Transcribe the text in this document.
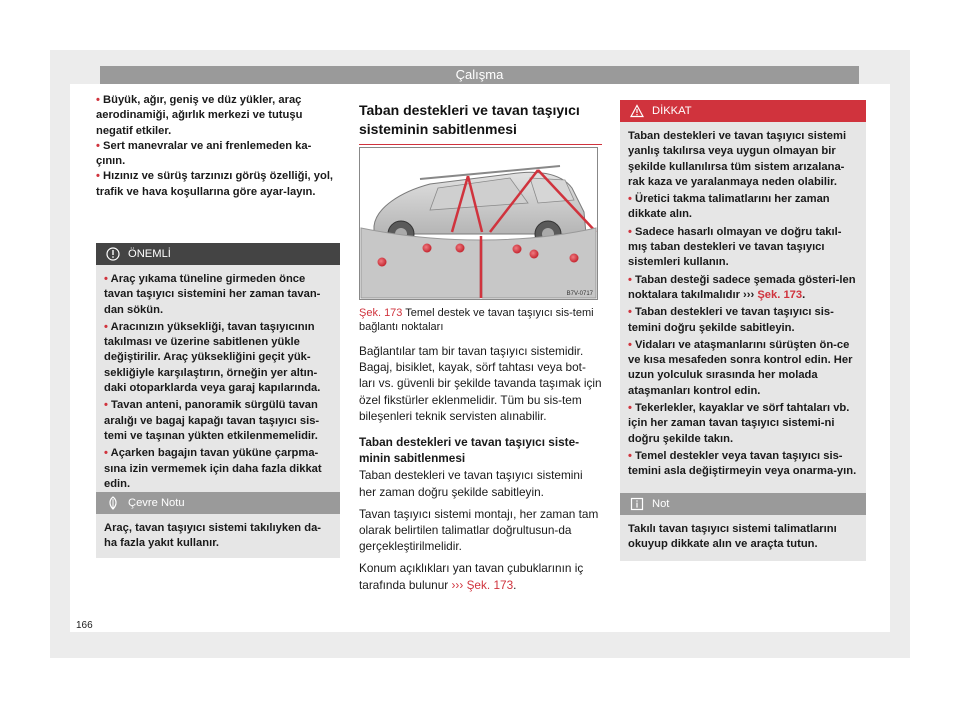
Çalışma
• Büyük, ağır, geniş ve düz yükler, araç aerodinamiği, ağırlık merkezi ve tutuşu negatif etkiler.
• Sert manevralar ve ani frenlemeden ka-çının.
• Hızınız ve sürüş tarzınızı görüş özelliği, yol, trafik ve hava koşullarına göre ayar-layın.
ÖNEMLİ
• Araç yıkama tüneline girmeden önce tavan taşıyıcı sistemini her zaman tavan-dan sökün.
• Aracınızın yüksekliği, tavan taşıyıcının takılması ve üzerine sabitlenen yükle değiştirilir. Araç yüksekliğini geçit yük-sekliğiyle karşılaştırın, örneğin yer altın-daki otoparklarda veya garaj kapılarında.
• Tavan anteni, panoramik sürgülü tavan aralığı ve bagaj kapağı tavan taşıyıcı sis-temi ve taşınan yükten etkilenmemelidir.
• Açarken bagajın tavan yüküne çarpma-sına izin vermemek için daha fazla dikkat edin.
Çevre Notu
Araç, tavan taşıyıcı sistemi takılıyken da-ha fazla yakıt kullanır.
Taban destekleri ve tavan taşıyıcı sisteminin sabitlenmesi
B7V-0717
Şek. 173 Temel destek ve tavan taşıyıcı sis-temi bağlantı noktaları

Bağlantılar tam bir tavan taşıyıcı sistemidir. Bagaj, bisiklet, kayak, sörf tahtası veya bot-ları vs. güvenli bir şekilde tavanda taşımak için özel fikstürler eklenmelidir. Tüm bu sis-tem bileşenleri teknik servisten alınabilir.

Taban destekleri ve tavan taşıyıcı siste-minin sabitlenmesi

Taban destekleri ve tavan taşıyıcı sistemini her zaman doğru şekilde sabitleyin.

Tavan taşıyıcı sistemi montajı, her zaman tam olarak belirtilen talimatlar doğrultusun-da gerçekleştirilmelidir.

Konum açıklıkları yan tavan çubuklarının iç tarafında bulunur ››› Şek. 173.

DİKKAT
Taban destekleri ve tavan taşıyıcı sistemi yanlış takılırsa veya uygun olmayan bir şekilde kullanılırsa tüm sistem arızalana-rak kaza ve yaralanmaya neden olabilir.
• Üretici takma talimatlarını her zaman dikkate alın.
• Sadece hasarlı olmayan ve doğru takıl-mış taban destekleri ve tavan taşıyıcı sistemleri kullanın.
• Taban desteği sadece şemada gösteri-len noktalara takılmalıdır ››› Şek. 173.
• Taban destekleri ve tavan taşıyıcı sis-temini doğru şekilde sabitleyin.
• Vidaları ve ataşmanlarını sürüşten ön-ce ve kısa mesafeden sonra kontrol edin. Her uzun yolculuk sırasında her molada ataşmanları kontrol edin.
• Tekerlekler, kayaklar ve sörf tahtaları vb. için her zaman tavan taşıyıcı sistemi-ni doğru şekilde takın.
• Temel destekler veya tavan taşıyıcı sis-temini asla değiştirmeyin veya onarma-yın.
Not
Takılı tavan taşıyıcı sistemi talimatlarını okuyup dikkate alın ve araçta tutun.
166
